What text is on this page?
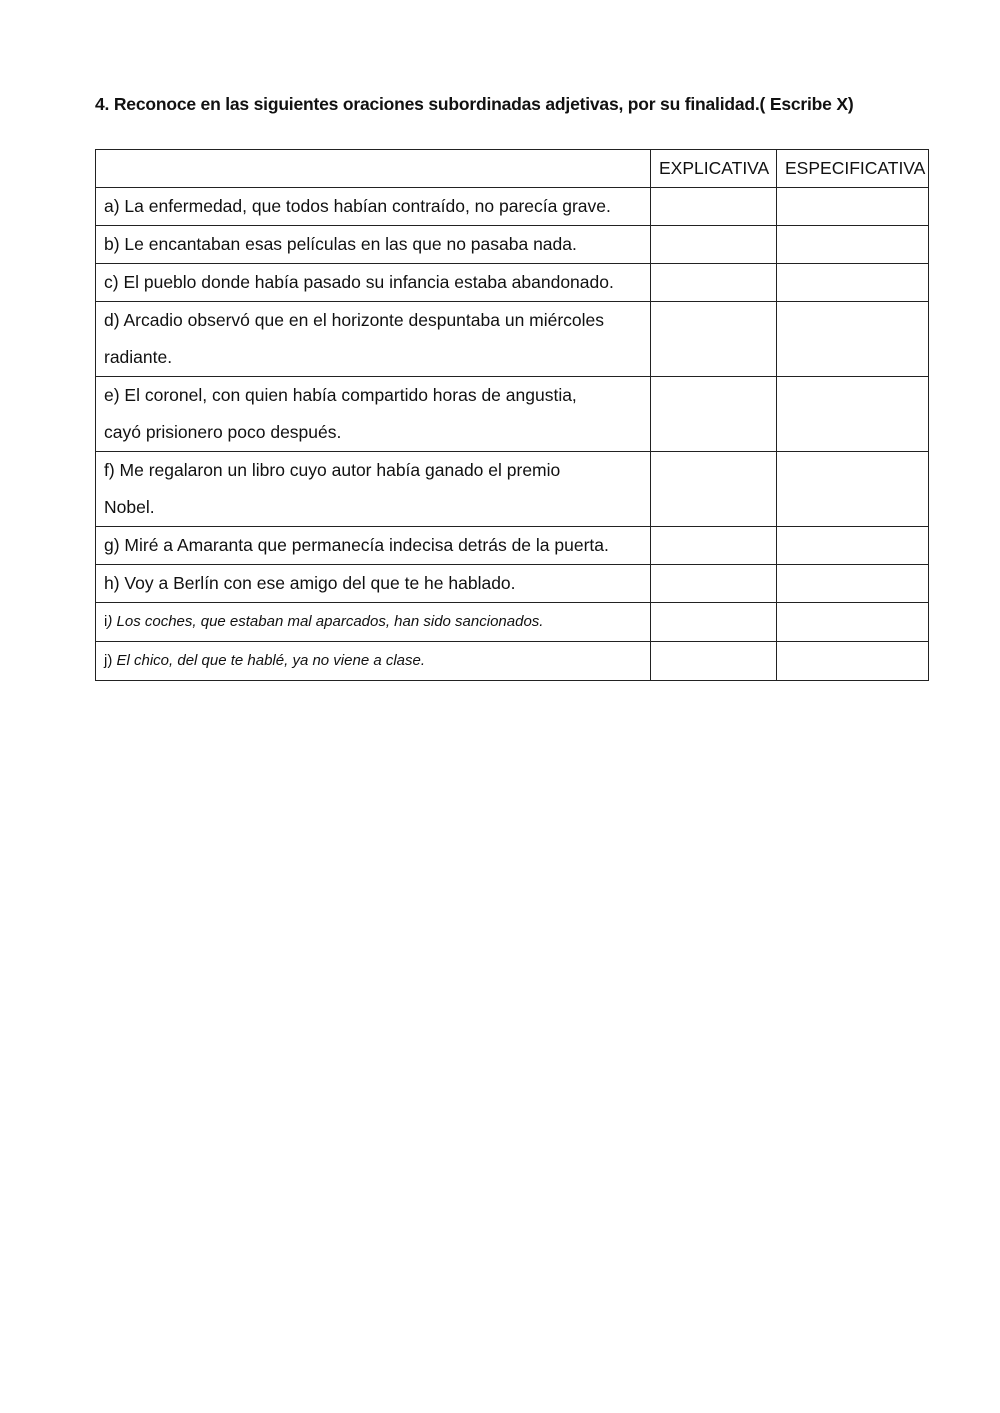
4. Reconoce en las siguientes oraciones subordinadas adjetivas, por su finalidad.( Escribe X)
	EXPLICATIVA	ESPECIFICATIVA
a) La enfermedad, que todos habían contraído, no parecía grave.		
b) Le encantaban esas películas en las que no pasaba nada.		
c) El pueblo donde había pasado su infancia estaba abandonado.		

d) Arcadio observó que en el horizonte despuntaba un miércoles
radiante.		

e) El coronel, con quien había compartido horas de angustia,
cayó prisionero poco después.		

f) Me regalaron un libro cuyo autor había ganado el premio
Nobel.		

g) Miré a Amaranta que permanecía indecisa detrás de la puerta.		
h) Voy a Berlín con ese amigo del que te he hablado.		
i) Los coches, que estaban mal aparcados, han sido sancionados.		
j) El chico, del que te hablé, ya no viene a clase.		
